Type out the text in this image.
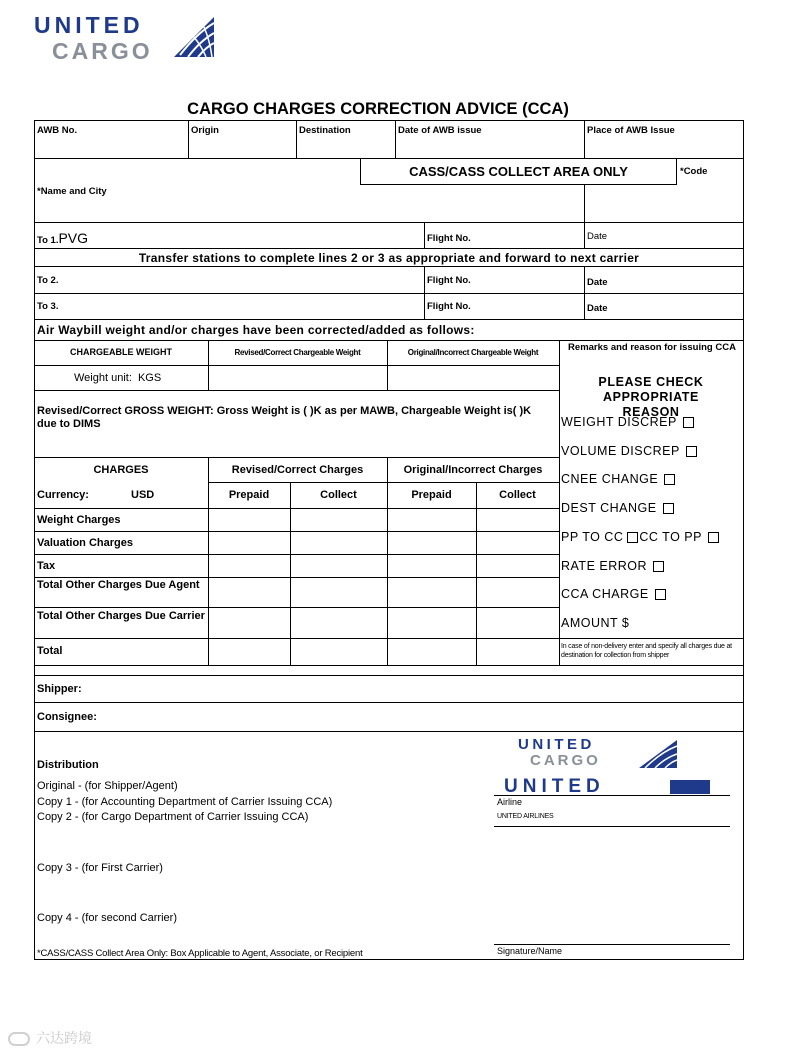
UNITED
CARGO
CARGO CHARGES CORRECTION ADVICE (CCA)
AWB No.	Origin	Destination	Date of AWB issue	Place of AWB Issue
CASS/CASS COLLECT AREA ONLY	*Code
*Name and City
To 1.PVG	Flight No.	Date
Transfer stations to complete lines 2 or 3 as appropriate and forward to next carrier
To 2.	Flight No.	Date
To 3.	Flight No.	Date
Air Waybill weight and/or charges have been corrected/added as follows:
CHARGEABLE WEIGHT	Revised/Correct Chargeable Weight	Original/Incorrect Chargeable Weight
Weight unit: KGS
Revised/Correct GROSS WEIGHT: Gross Weight is ( )K as per MAWB, Chargeable Weight is( )K due to DIMS
CHARGES	Revised/Correct Charges	Original/Incorrect Charges
Currency:	USD	Prepaid	Collect	Prepaid	Collect
Weight Charges
Valuation Charges
Tax
Total Other Charges Due Agent
Total Other Charges Due Carrier
Total
Remarks and reason for issuing CCA
PLEASE CHECK APPROPRIATE REASON
WEIGHT DISCREP
VOLUME DISCREP
CNEE CHANGE
DEST CHANGE
PP TO CC CC TO PP
RATE ERROR
CCA CHARGE
AMOUNT $
In case of non-delivery enter and specify all charges due at destination for collection from shipper
Shipper:
Consignee:
Distribution
Original - (for Shipper/Agent)
Copy 1 - (for Accounting Department of Carrier Issuing CCA)
Copy 2 - (for Cargo Department of Carrier Issuing CCA)
Copy 3 - (for First Carrier)
Copy 4 - (for second Carrier)
*CASS/CASS Collect Area Only: Box Applicable to Agent, Associate, or Recipient
UNITED
CARGO
UNITED
Airline
UNITED AIRLINES
Signature/Name
六达跨境
